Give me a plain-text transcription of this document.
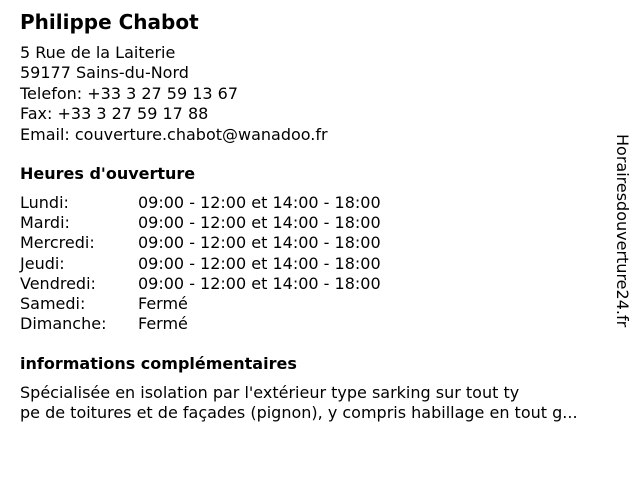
Philippe Chabot
5 Rue de la Laiterie
59177 Sains-du-Nord
Telefon: +33 3 27 59 13 67
Fax: +33 3 27 59 17 88
Email: couverture.chabot@wanadoo.fr
Heures d'ouverture
Lundi:	09:00 - 12:00 et 14:00 - 18:00
Mardi:	09:00 - 12:00 et 14:00 - 18:00
Mercredi:	09:00 - 12:00 et 14:00 - 18:00
Jeudi:	09:00 - 12:00 et 14:00 - 18:00
Vendredi:	09:00 - 12:00 et 14:00 - 18:00
Samedi:	Fermé
Dimanche:	Fermé
informations complémentaires
Spécialisée en isolation par l'extérieur type sarking sur tout ty
pe de toitures et de façades (pignon), y compris habillage en tout g...
Horairesdouverture24.fr
